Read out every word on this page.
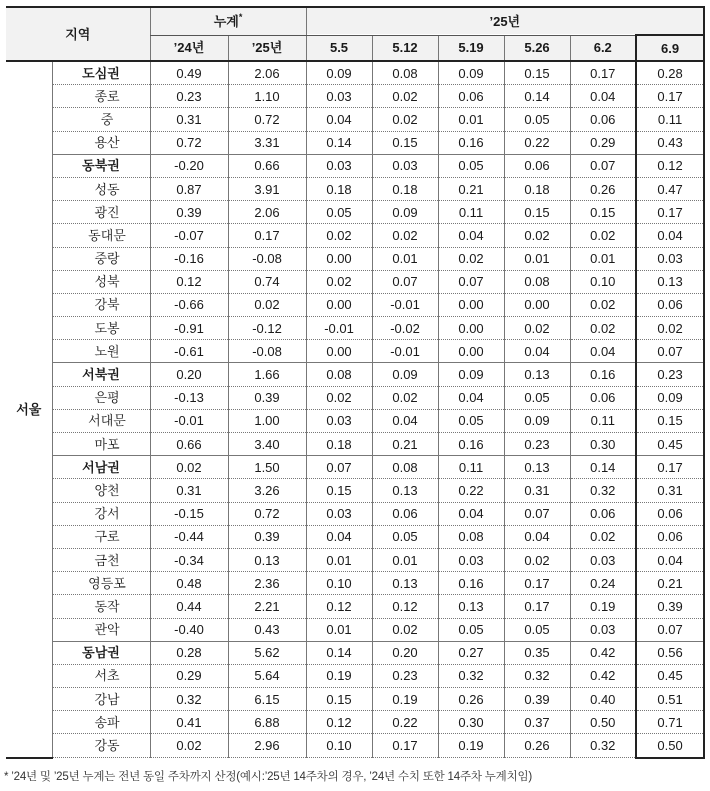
지역		누계*		’25년					
		’24년	’25년	5.5	5.12	5.19	5.26	6.2	6.9
서울	도심권	0.49	2.06	0.09	0.08	0.09	0.15	0.17	0.28
	종로	0.23	1.10	0.03	0.02	0.06	0.14	0.04	0.17
	중	0.31	0.72	0.04	0.02	0.01	0.05	0.06	0.11
	용산	0.72	3.31	0.14	0.15	0.16	0.22	0.29	0.43
	동북권	-0.20	0.66	0.03	0.03	0.05	0.06	0.07	0.12
	성동	0.87	3.91	0.18	0.18	0.21	0.18	0.26	0.47
	광진	0.39	2.06	0.05	0.09	0.11	0.15	0.15	0.17
	동대문	-0.07	0.17	0.02	0.02	0.04	0.02	0.02	0.04
	중랑	-0.16	-0.08	0.00	0.01	0.02	0.01	0.01	0.03
	성북	0.12	0.74	0.02	0.07	0.07	0.08	0.10	0.13
	강북	-0.66	0.02	0.00	-0.01	0.00	0.00	0.02	0.06
	도봉	-0.91	-0.12	-0.01	-0.02	0.00	0.02	0.02	0.02
	노원	-0.61	-0.08	0.00	-0.01	0.00	0.04	0.04	0.07
	서북권	0.20	1.66	0.08	0.09	0.09	0.13	0.16	0.23
	은평	-0.13	0.39	0.02	0.02	0.04	0.05	0.06	0.09
	서대문	-0.01	1.00	0.03	0.04	0.05	0.09	0.11	0.15
	마포	0.66	3.40	0.18	0.21	0.16	0.23	0.30	0.45
	서남권	0.02	1.50	0.07	0.08	0.11	0.13	0.14	0.17
	양천	0.31	3.26	0.15	0.13	0.22	0.31	0.32	0.31
	강서	-0.15	0.72	0.03	0.06	0.04	0.07	0.06	0.06
	구로	-0.44	0.39	0.04	0.05	0.08	0.04	0.02	0.06
	금천	-0.34	0.13	0.01	0.01	0.03	0.02	0.03	0.04
	영등포	0.48	2.36	0.10	0.13	0.16	0.17	0.24	0.21
	동작	0.44	2.21	0.12	0.12	0.13	0.17	0.19	0.39
	관악	-0.40	0.43	0.01	0.02	0.05	0.05	0.03	0.07
	동남권	0.28	5.62	0.14	0.20	0.27	0.35	0.42	0.56
	서초	0.29	5.64	0.19	0.23	0.32	0.32	0.42	0.45
	강남	0.32	6.15	0.15	0.19	0.26	0.39	0.40	0.51
	송파	0.41	6.88	0.12	0.22	0.30	0.37	0.50	0.71
	강동	0.02	2.96	0.10	0.17	0.19	0.26	0.32	0.50
* ’24년 및 ’25년 누계는 전년 동일 주차까지 산정(예시:’25년 14주차의 경우, ’24년 수치 또한 14주차 누계치임)
